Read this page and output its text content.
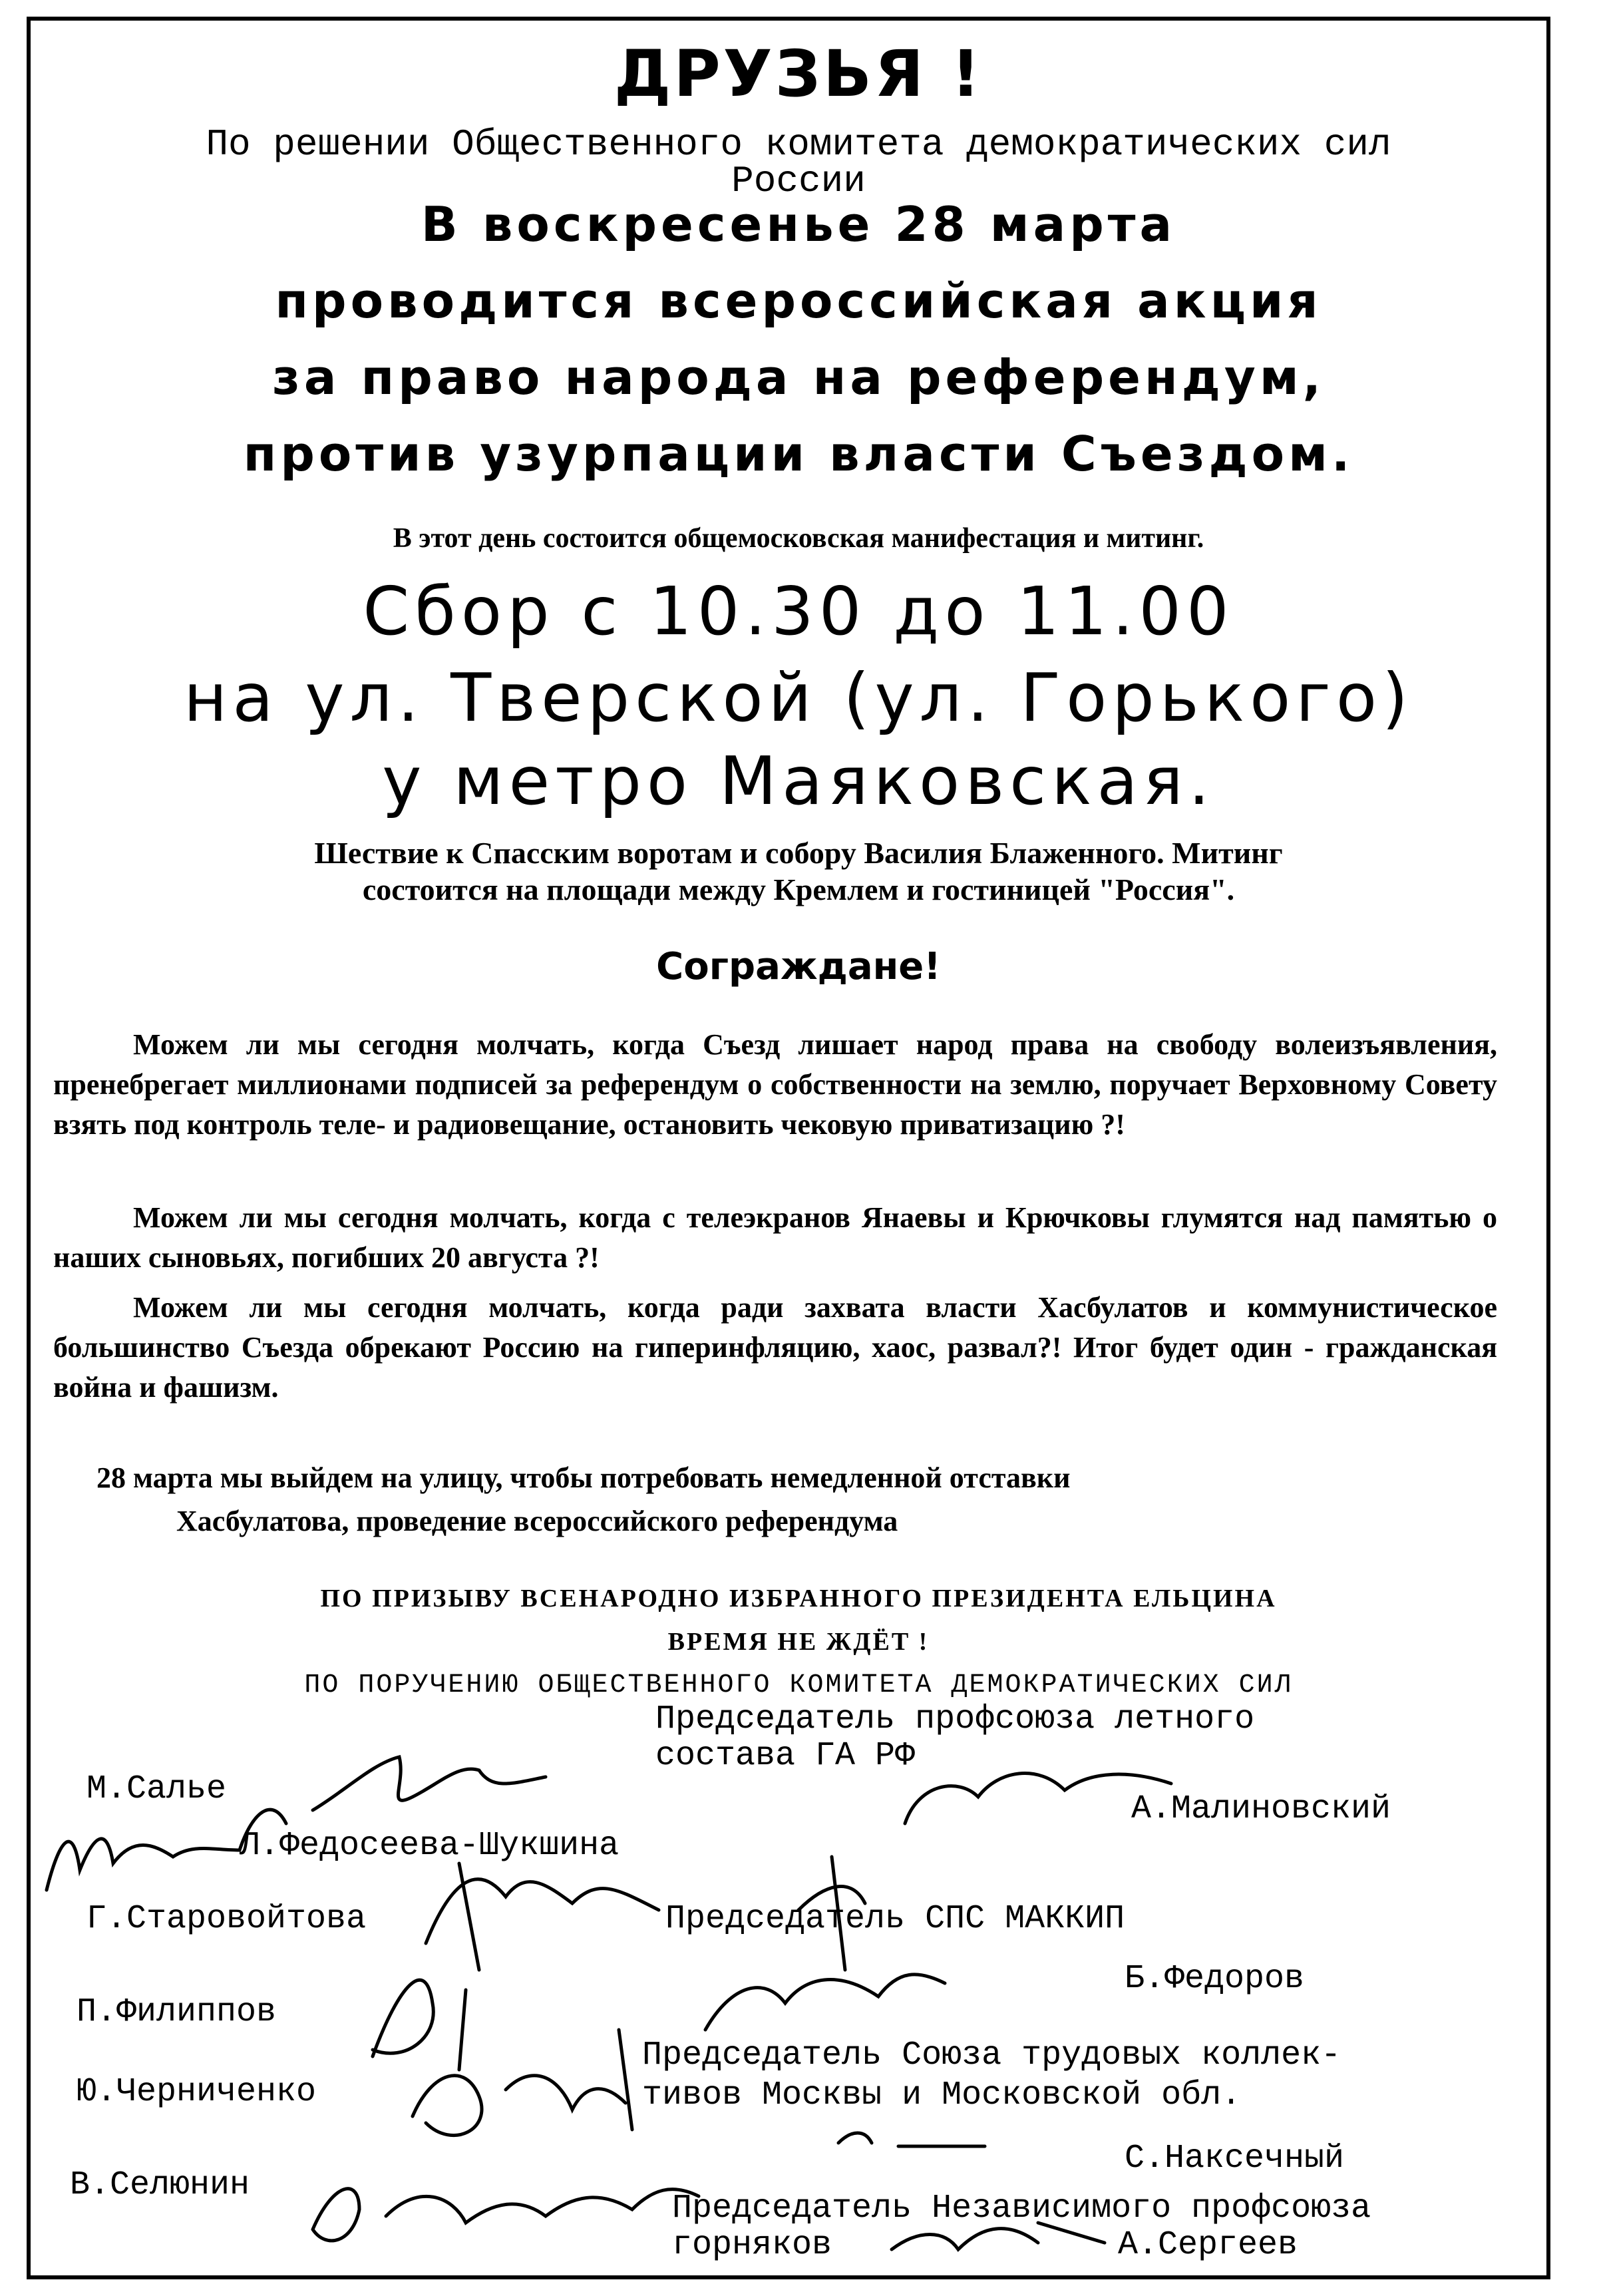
ДРУЗЬЯ !
По решении Общественного комитета демократических сил
России
В воскресенье 28 марта
проводится всероссийская акция
за право народа на референдум,
против узурпации власти Съездом.
В этот день состоится общемосковская манифестация и митинг.
Сбор с 10.30 до 11.00
на ул. Тверской (ул. Горького)
у метро Маяковская.
Шествие к Спасским воротам и собору Василия Блаженного. Митинг
состоится на площади между Кремлем и гостиницей "Россия".
Сограждане!

Можем ли мы сегодня молчать, когда Съезд лишает народ права на свободу волеизъявления, пренебрегает миллионами подписей за референдум о собственности на землю, поручает Верховному Совету взять под контроль теле- и радиовещание, остановить чековую приватизацию ?!

Можем ли мы сегодня молчать, когда с телеэкранов Янаевы и Крючковы глумятся над памятью о наших сыновьях, погибших 20 августа ?!

Можем ли мы сегодня молчать, когда ради захвата власти Хасбулатов и коммунистическое большинство Съезда обрекают Россию на гиперинфляцию, хаос, развал?! Итог будет один - гражданская война и фашизм.

28 марта мы выйдем на улицу, чтобы потребовать немедленной отставки
Хасбулатова, проведение всероссийского референдума
ПО ПРИЗЫВУ ВСЕНАРОДНО ИЗБРАННОГО ПРЕЗИДЕНТА ЕЛЬЦИНА
ВРЕМЯ НЕ ЖДЁТ !
ПО ПОРУЧЕНИЮ ОБЩЕСТВЕННОГО КОМИТЕТА ДЕМОКРАТИЧЕСКИХ СИЛ
М.Салье
Л.Федосеева-Шукшина
Г.Старовойтова
П.Филиппов
Ю.Черниченко
В.Селюнин
Председатель профсоюза летного
состава ГА РФ
А.Малиновский
Председатель СПС МАККИП
Б.Федоров
Председатель Союза трудовых коллек-
тивов Москвы и Московской обл.
С.Наксечный
Председатель Независимого профсоюза
горняков	А.Сергеев
